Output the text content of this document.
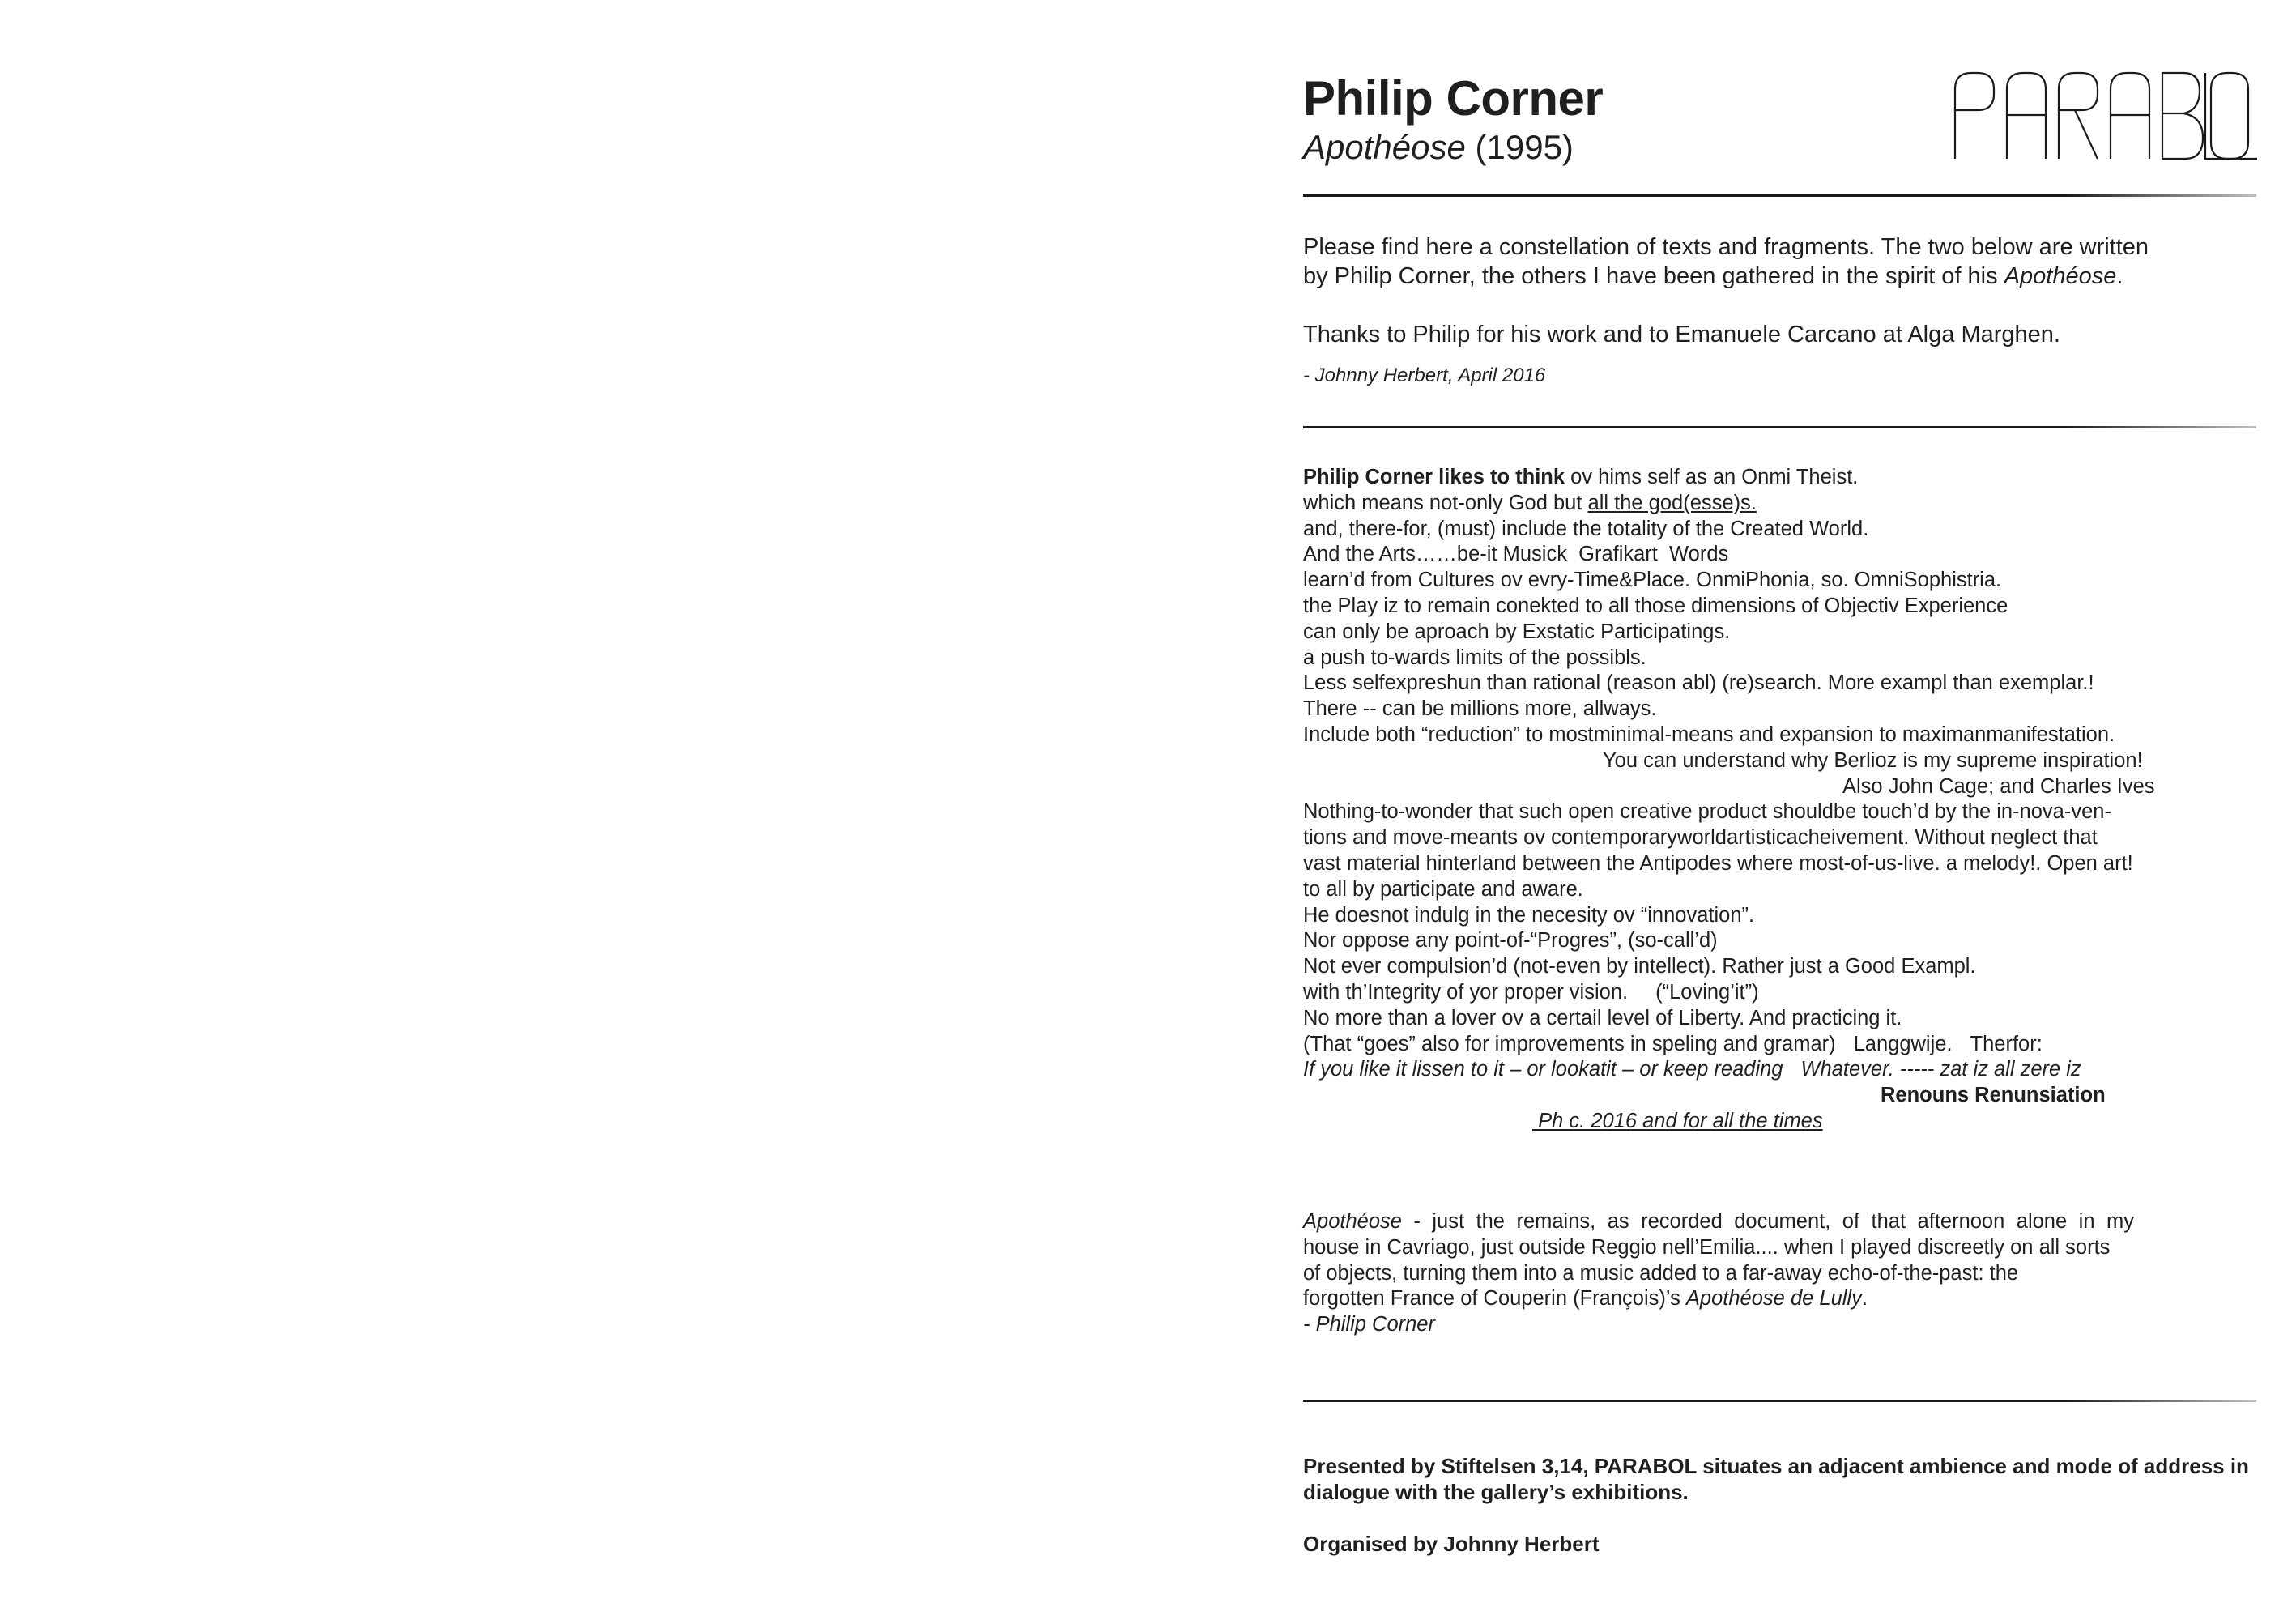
Philip Corner
Apothéose (1995)

Please find here a constellation of texts and fragments. The two below are written

by Philip Corner, the others I have been gathered in the spirit of his Apothéose.

Thanks to Philip for his work and to Emanuele Carcano at Alga Marghen.

- Johnny Herbert, April 2016

Philip Corner likes to think ov hims self as an Onmi Theist.
which means not-only God but all the god(esse)s.
and, there-for, (must) include the totality of the Created World.
And the Arts……be-it Musick  Grafikart  Words
learn’d from Cultures ov evry-Time&Place. OnmiPhonia, so. OmniSophistria.
the Play iz to remain conekted to all those dimensions of Objectiv Experience
can only be aproach by Exstatic Participatings.
a push to-wards limits of the possibls.
Less selfexpreshun than rational (reason abl) (re)search. More exampl than exemplar.!
There -- can be millions more, allways.
Include both “reduction” to mostminimal-means and expansion to maximanmanifestation.
You can understand why Berlioz is my supreme inspiration!
Also John Cage; and Charles Ives
Nothing-to-wonder that such open creative product shouldbe touch’d by the in-nova-ven-
tions and move-meants ov contemporaryworldartisticacheivement. Without neglect that
vast material hinterland between the Antipodes where most-of-us-live. a melody!. Open art!
to all by participate and aware.
He doesnot indulg in the necesity ov “innovation”.
Nor oppose any point-of-“Progres”, (so-call’d)
Not ever compulsion’d (not-even by intellect). Rather just a Good Exampl.
with th’Integrity of yor proper vision. (“Loving’it”)
No more than a lover ov a certail level of Liberty. And practicing it.
(That “goes” also for improvements in speling and gramar) Langgwije. Therfor:
If you like it lissen to it – or lookatit – or keep reading Whatever. ----- zat iz all zere iz
Renouns Renunsiation
Ph c. 2016 and for all the times
Apothéose - just the remains, as recorded document, of that afternoon alone in my
house in Cavriago, just outside Reggio nell’Emilia.... when I played discreetly on all sorts
of objects, turning them into a music added to a far-away echo-of-the-past: the
forgotten France of Couperin (François)’s Apothéose de Lully.
- Philip Corner

Presented by Stiftelsen 3,14, PARABOL situates an adjacent ambience and mode of address in

dialogue with the gallery’s exhibitions.

Organised by Johnny Herbert
